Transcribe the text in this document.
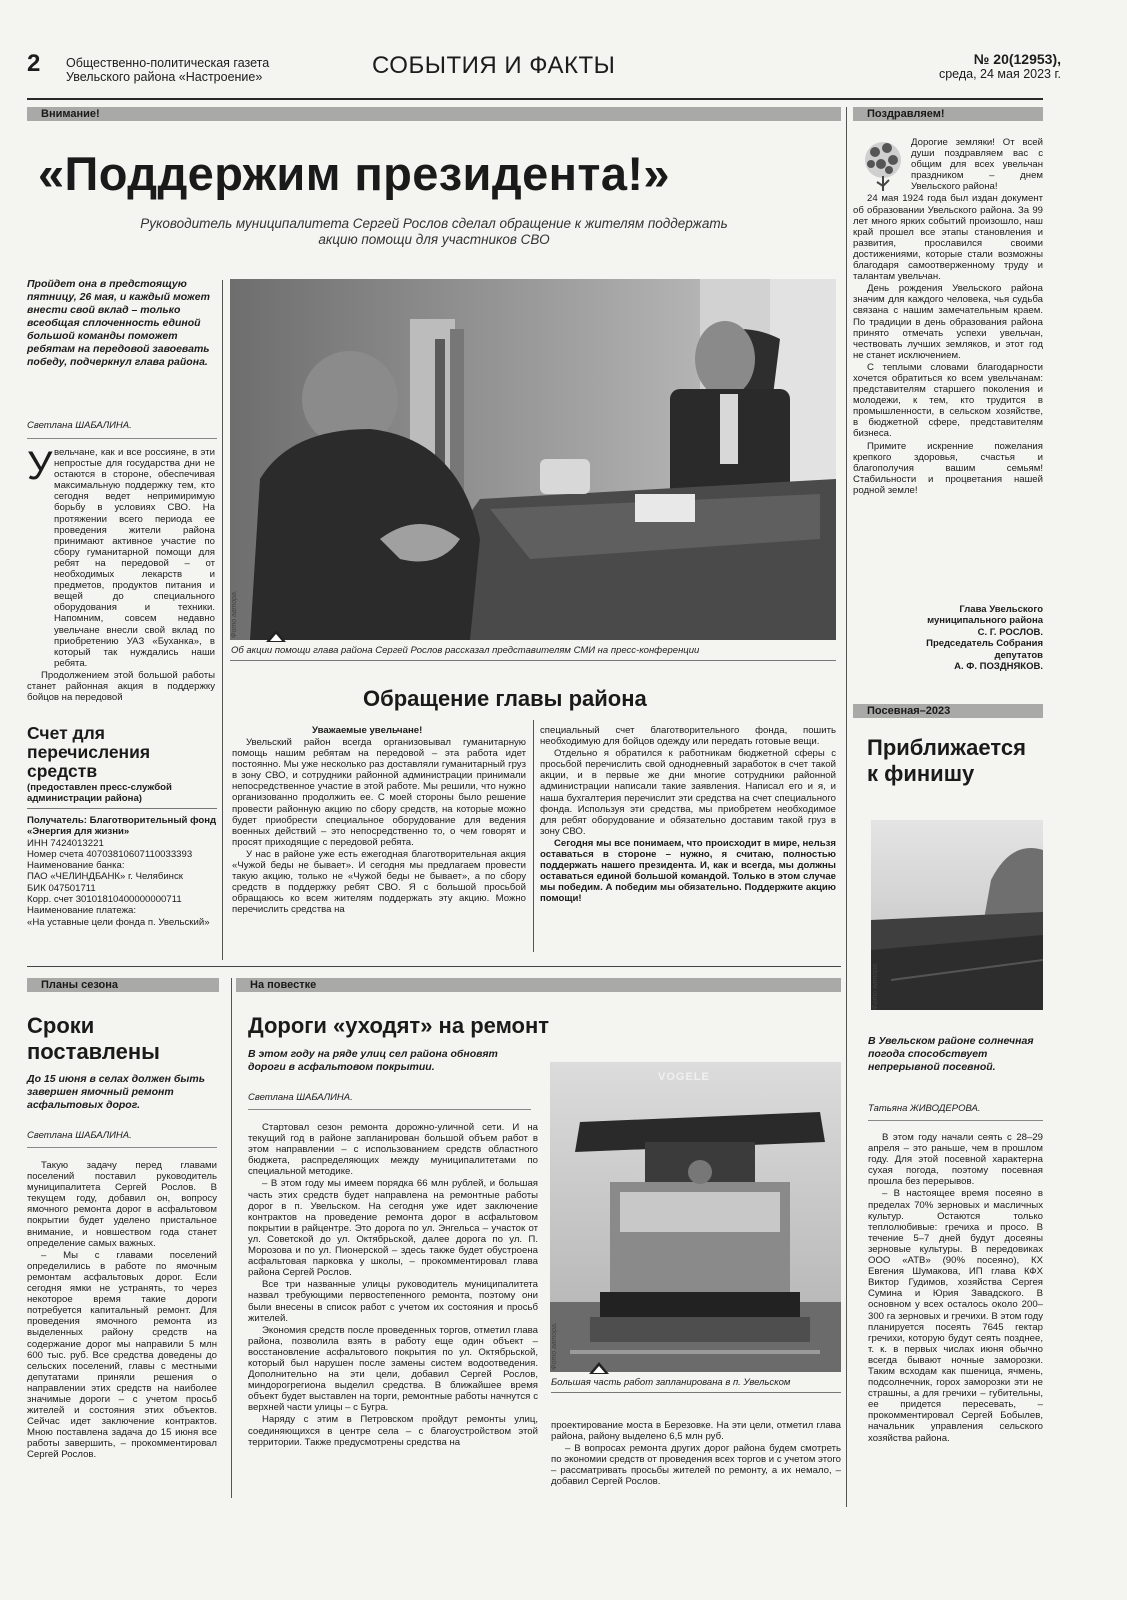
2 Общественно-политическая газета
Увельского района «Настроение»	СОБЫТИЯ И ФАКТЫ	№ 20(12953),
среда, 24 мая 2023 г.
Внимание!
«Поддержим президента!»
Руководитель муниципалитета Сергей Рослов сделал обращение к жителям поддержать акцию помощи для участников СВО
Пройдет она в предстоящую пятницу, 26 мая, и каждый может внести свой вклад – только всеобщая сплоченность единой большой команды поможет ребятам на передовой завоевать победу, подчеркнул глава района.
Светлана ШАБАЛИНА.
У вельчане, как и все россияне, в эти непростые для государства дни не остаются в стороне, обеспечивая максимальную поддержку тем, кто сегодня ведет непримиримую борьбу в условиях СВО. На протяжении всего периода ее проведения жители района принимают активное участие по сбору гуманитарной помощи для ребят на передовой – от необходимых лекарств и предметов, продуктов питания и вещей до специального оборудования и техники. Напомним, совсем недавно увельчане внесли свой вклад по приобретению УАЗ «Буханка», в который так нуждались наши ребята.

Продолжением этой большой работы станет районная акция в поддержку бойцов на передовой

Фото автора.
Об акции помощи глава района Сергей Рослов рассказал представителям СМИ на пресс-конференции
Обращение главы района
Уважаемые увельчане!

Увельский район всегда организовывал гуманитарную помощь нашим ребятам на передовой – эта работа идет постоянно. Мы уже несколько раз доставляли гуманитарный груз в зону СВО, и сотрудники районной администрации принимали непосредственное участие в этой работе. Мы решили, что нужно организованно продолжить ее. С моей стороны было решение провести районную акцию по сбору средств, на которые можно будет приобрести специальное оборудование для ведения военных действий – это непосредственно то, о чем говорят и просят приходящие с передовой ребята.

У нас в районе уже есть ежегодная благотворительная акция «Чужой беды не бывает». И сегодня мы предлагаем провести такую акцию, только не «Чужой беды не бывает», а по сбору средств в поддержку ребят СВО. Я с большой просьбой обращаюсь ко всем жителям поддержать эту акцию. Можно перечислить средства на

специальный счет благотворительного фонда, пошить необходимую для бойцов одежду или передать готовые вещи.

Отдельно я обратился к работникам бюджетной сферы с просьбой перечислить свой однодневный заработок в счет такой акции, и в первые же дни многие сотрудники районной администрации написали такие заявления. Написал его и я, и наша бухгалтерия перечислит эти средства на счет специального фонда. Используя эти средства, мы приобретем необходимое для ребят оборудование и обязательно доставим такой груз в зону СВО.

Сегодня мы все понимаем, что происходит в мире, нельзя оставаться в стороне – нужно, я считаю, полностью поддержать нашего президента. И, как и всегда, мы должны оставаться единой большой командой. Только в этом случае мы победим. А победим мы обязательно. Поддержите акцию помощи!

Счет для перечисления средств
(предоставлен пресс-службой администрации района)
Получатель: Благотворительный фонд «Энергия для жизни»
ИНН 7424013221
Номер счета 40703810607110033393
Наименование банка:
ПАО «ЧЕЛИНДБАНК» г. Челябинск
БИК 047501711
Корр. счет 30101810400000000711
Наименование платежа:
«На уставные цели фонда п. Увельский»
Поздравляем!

Дорогие земляки! От всей души поздравляем вас с общим для всех увельчан праздником – днем Увельского района!

24 мая 1924 года был издан документ об образовании Увельского района. За 99 лет много ярких событий произошло, наш край прошел все этапы становления и развития, прославился своими достижениями, которые стали возможны благодаря самоотверженному труду и талантам увельчан.

День рождения Увельского района значим для каждого человека, чья судьба связана с нашим замечательным краем. По традиции в день образования района принято отмечать успехи увельчан, чествовать лучших земляков, и этот год не станет исключением.

С теплыми словами благодарности хочется обратиться ко всем увельчанам: представителям старшего поколения и молодежи, к тем, кто трудится в промышленности, в сельском хозяйстве, в бюджетной сфере, представителям бизнеса.

Примите искренние пожелания крепкого здоровья, счастья и благополучия вашим семьям! Стабильности и процветания нашей родной земле!

Глава Увельского муниципального района
С. Г. РОСЛОВ.
Председатель Собрания депутатов
А. Ф. ПОЗДНЯКОВ.
Посевная–2023
Приближается к финишу
Фото автора.
В Увельском районе солнечная погода способствует непрерывной посевной.
Татьяна ЖИВОДЕРОВА.

В этом году начали сеять с 28–29 апреля – это раньше, чем в прошлом году. Для этой посевной характерна сухая погода, поэтому посевная прошла без перерывов.

– В настоящее время посеяно в пределах 70% зерновых и масличных культур. Остаются только теплолюбивые: гречиха и просо. В течение 5–7 дней будут досеяны зерновые культуры. В передовиках ООО «АТВ» (90% посеяно), КХ Евгения Шумакова, ИП глава КФХ Виктор Гудимов, хозяйства Сергея Сумина и Юрия Завадского. В основном у всех осталось около 200–300 га зерновых и гречихи. В этом году планируется посеять 7645 гектар гречихи, которую будут сеять позднее, т. к. в первых числах июня обычно всегда бывают ночные заморозки. Таким всходам как пшеница, ячмень, подсолнечник, горох заморозки эти не страшны, а для гречихи – губительны, ее придется пересевать, – прокомментировал Сергей Бобылев, начальник управления сельского хозяйства района.

Планы сезона
Сроки поставлены
До 15 июня в селах должен быть завершен ямочный ремонт асфальтовых дорог.
Светлана ШАБАЛИНА.

Такую задачу перед главами поселений поставил руководитель муниципалитета Сергей Рослов. В текущем году, добавил он, вопросу ямочного ремонта дорог в асфальтовом покрытии будет уделено пристальное внимание, и новшеством года станет определение самых важных.

– Мы с главами поселений определились в работе по ямочным ремонтам асфальтовых дорог. Если сегодня ямки не устранять, то через некоторое время такие дороги потребуется капитальный ремонт. Для проведения ямочного ремонта из выделенных району средств на содержание дорог мы направили 5 млн 600 тыс. руб. Все средства доведены до сельских поселений, главы с местными депутатами приняли решения о направлении этих средств на наиболее значимые дороги – с учетом просьб жителей и состояния этих объектов. Сейчас идет заключение контрактов. Мною поставлена задача до 15 июня все работы завершить, – прокомментировал Сергей Рослов.

На повестке
Дороги «уходят» на ремонт
В этом году на ряде улиц сел района обновят дороги в асфальтовом покрытии.
Светлана ШАБАЛИНА.

Стартовал сезон ремонта дорожно-уличной сети. И на текущий год в районе запланирован большой объем работ в этом направлении – с использованием средств областного бюджета, распределяющих между муниципалитетами по специальной методике.

– В этом году мы имеем порядка 66 млн рублей, и большая часть этих средств будет направлена на ремонтные работы дорог в п. Увельском. На сегодня уже идет заключение контрактов на проведение ремонта дорог в асфальтовом покрытии в райцентре. Это дорога по ул. Энгельса – участок от ул. Советской до ул. Октябрьской, далее дорога по ул. П. Морозова и по ул. Пионерской – здесь также будет обустроена асфальтовая парковка у школы, – прокомментировал глава района Сергей Рослов.

Все три названные улицы руководитель муниципалитета назвал требующими первостепенного ремонта, поэтому они были внесены в список работ с учетом их состояния и просьб жителей.

Экономия средств после проведенных торгов, отметил глава района, позволила взять в работу еще один объект – восстановление асфальтового покрытия по ул. Октябрьской, который был нарушен после замены систем водоотведения. Дополнительно на эти цели, добавил Сергей Рослов, миндорогрегиона выделил средства. В ближайшее время объект будет выставлен на торги, ремонтные работы начнутся с верхней части улицы – с Бугра.

Наряду с этим в Петровском пройдут ремонты улиц, соединяющихся в центре села – с благоустройством этой территории. Также предусмотрены средства на

VOGELE
Фото автора.
Большая часть работ запланирована в п. Увельском

проектирование моста в Березовке. На эти цели, отметил глава района, району выделено 6,5 млн руб.

– В вопросах ремонта других дорог района будем смотреть по экономии средств от проведения всех торгов и с учетом этого – рассматривать просьбы жителей по ремонту, а их немало, – добавил Сергей Рослов.
